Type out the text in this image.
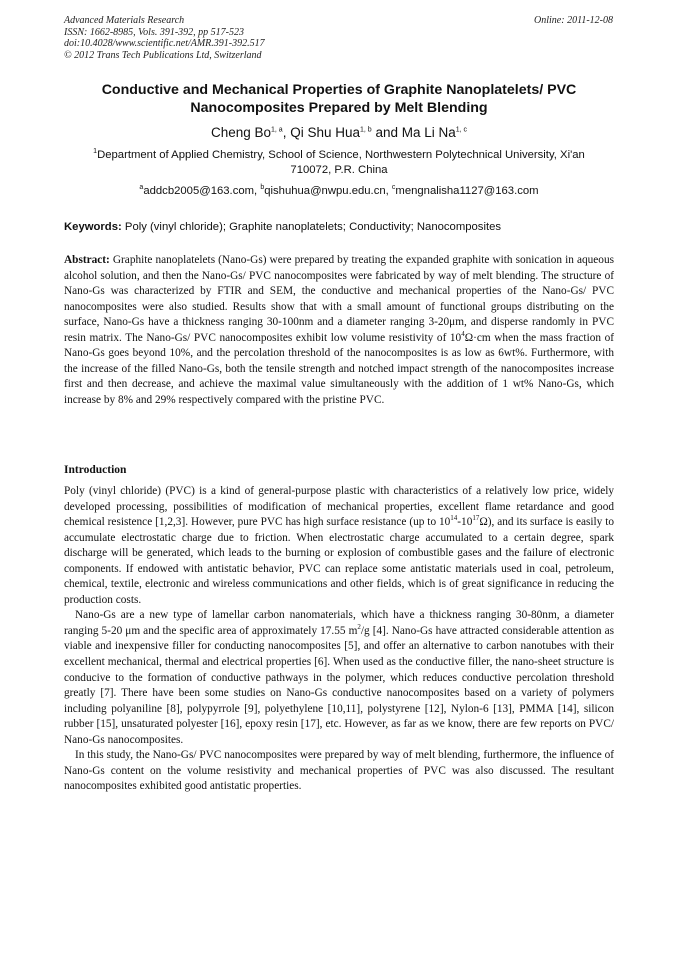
Advanced Materials Research
ISSN: 1662-8985, Vols. 391-392, pp 517-523
doi:10.4028/www.scientific.net/AMR.391-392.517
© 2012 Trans Tech Publications Ltd, Switzerland
Online: 2011-12-08
Conductive and Mechanical Properties of Graphite Nanoplatelets/ PVC
Nanocomposites Prepared by Melt Blending
Cheng Bo$^{1, a}$, Qi Shu Hua$^{1, b}$ and Ma Li Na$^{1, c}$
$^1$Department of Applied Chemistry, School of Science, Northwestern Polytechnical University, Xi'an
710072, P.R. China
$^a$addcb2005@163.com, $^b$qishuhua@nwpu.edu.cn, $^c$mengnalisha1127@163.com
Keywords: Poly (vinyl chloride); Graphite nanoplatelets; Conductivity; Nanocomposites
Abstract: Graphite nanoplatelets (Nano-Gs) were prepared by treating the expanded graphite with sonication in aqueous alcohol solution, and then the Nano-Gs/ PVC nanocomposites were fabricated by way of melt blending. The structure of Nano-Gs was characterized by FTIR and SEM, the conductive and mechanical properties of the Nano-Gs/ PVC nanocomposites were also studied. Results show that with a small amount of functional groups distributing on the surface, Nano-Gs have a thickness ranging 30-100nm and a diameter ranging 3-20μm, and disperse randomly in PVC resin matrix. The Nano-Gs/ PVC nanocomposites exhibit low volume resistivity of $10^4\Omega\cdot cm$ when the mass fraction of Nano-Gs goes beyond 10%, and the percolation threshold of the nanocomposites is as low as 6wt%. Furthermore, with the increase of the filled Nano-Gs, both the tensile strength and notched impact strength of the nanocomposites increase first and then decrease, and achieve the maximal value simultaneously with the addition of 1 wt% Nano-Gs, which increase by 8% and 29% respectively compared with the pristine PVC.
Introduction

Poly (vinyl chloride) (PVC) is a kind of general-purpose plastic with characteristics of a relatively low price, widely developed processing, possibilities of modification of mechanical properties, excellent flame retardance and good chemical resistence [1,2,3]. However, pure PVC has high surface resistance (up to $10^{14}-10^{17}\Omega$), and its surface is easily to accumulate electrostatic charge due to friction. When electrostatic charge accumulated to a certain degree, spark discharge will be generated, which leads to the burning or explosion of combustible gases and the failure of electronic components. If endowed with antistatic behavior, PVC can replace some antistatic materials used in coal, petroleum, chemical, textile, electronic and wireless communications and other fields, which is of great significance in reducing the production costs.

Nano-Gs are a new type of lamellar carbon nanomaterials, which have a thickness ranging 30-80nm, a diameter ranging 5-20 μm and the specific area of approximately 17.55 $m^2/g$ [4]. Nano-Gs have attracted considerable attention as viable and inexpensive filler for conducting nanocomposites [5], and offer an alternative to carbon nanotubes with their excellent mechanical, thermal and electrical properties [6]. When used as the conductive filler, the nano-sheet structure is conducive to the formation of conductive pathways in the polymer, which reduces conductive percolation threshold greatly [7]. There have been some studies on Nano-Gs conductive nanocomposites based on a variety of polymers including polyaniline [8], polypyrrole [9], polyethylene [10,11], polystyrene [12], Nylon-6 [13], PMMA [14], silicon rubber [15], unsaturated polyester [16], epoxy resin [17], etc. However, as far as we know, there are few reports on PVC/ Nano-Gs nanocomposites.

In this study, the Nano-Gs/ PVC nanocomposites were prepared by way of melt blending, furthermore, the influence of Nano-Gs content on the volume resistivity and mechanical properties of PVC was also discussed. The resultant nanocomposites exhibited good antistatic properties.
